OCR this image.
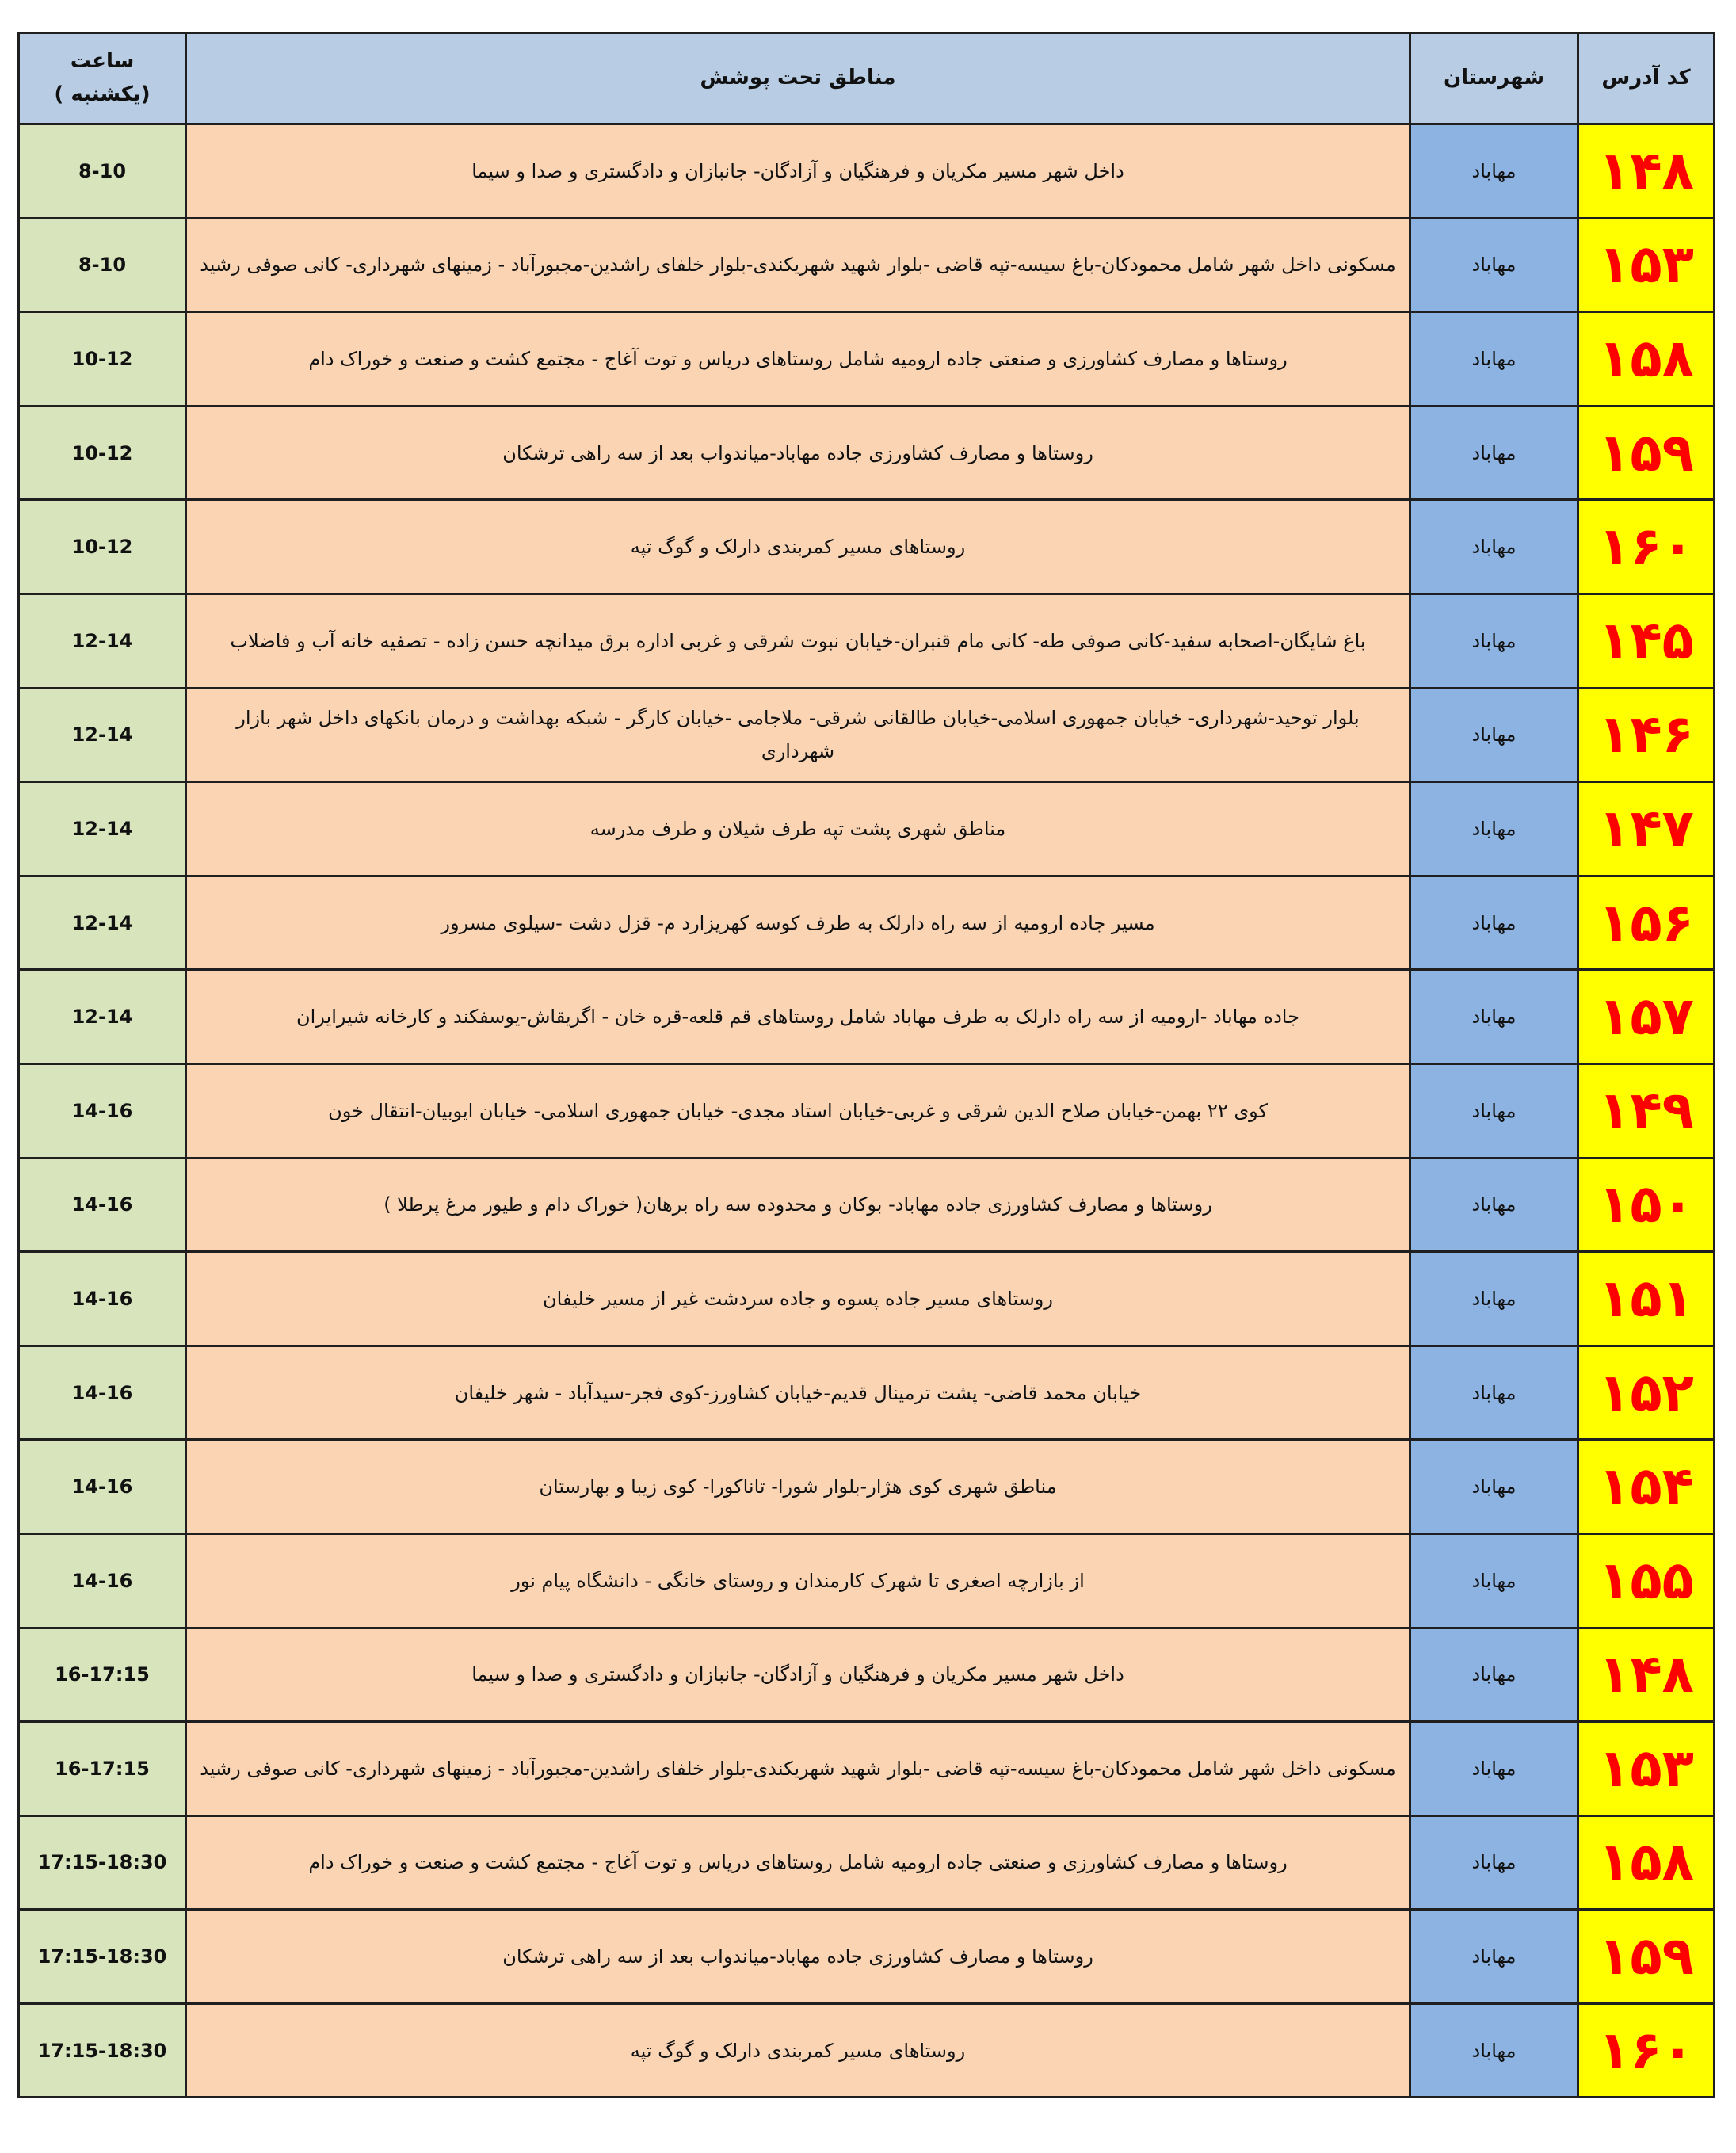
کد آدرس	شهرستان	مناطق تحت پوشش	ساعت
(یکشنبه )

۱۴۸	مهاباد	داخل شهر مسیر مکریان و فرهنگیان و آزادگان- جانبازان و دادگستری و صدا و سیما	8-10
۱۵۳	مهاباد	مسکونی داخل شهر شامل محمودکان-باغ سیسه-تپه قاضی -بلوار شهید شهریکندی-بلوار خلفای راشدین-مجبورآباد - زمینهای شهرداری- کانی صوفی رشید	8-10
۱۵۸	مهاباد	روستاها و مصارف کشاورزی و صنعتی جاده ارومیه شامل روستاهای دریاس و توت آغاج - مجتمع کشت و صنعت و خوراک دام	10-12
۱۵۹	مهاباد	روستاها و مصارف کشاورزی جاده مهاباد-میاندواب بعد از سه راهی ترشکان	10-12
۱۶۰	مهاباد	روستاهای مسیر کمربندی دارلک و گوگ تپه	10-12
۱۴۵	مهاباد	باغ شایگان-اصحابه سفید-کانی صوفی طه- کانی مام قنبران-خیابان نبوت شرقی و غربی اداره برق میدانچه حسن زاده - تصفیه خانه آب و فاضلاب	12-14
۱۴۶	مهاباد	بلوار توحید-شهرداری- خیابان جمهوری اسلامی-خیابان طالقانی شرقی- ملاجامی -خیابان کارگر - شبکه بهداشت و درمان بانکهای داخل شهر بازار شهرداری	12-14
۱۴۷	مهاباد	مناطق شهری پشت تپه طرف شیلان و طرف مدرسه	12-14
۱۵۶	مهاباد	مسیر جاده ارومیه از سه راه دارلک به طرف کوسه کهریزارد م- قزل دشت -سیلوی مسرور	12-14
۱۵۷	مهاباد	جاده مهاباد -ارومیه از سه راه دارلک به طرف مهاباد شامل روستاهای قم قلعه-قره خان - اگریقاش-یوسفکند و کارخانه شیرایران	12-14
۱۴۹	مهاباد	کوی ۲۲ بهمن-خیابان صلاح الدین شرقی و غربی-خیابان استاد مجدی- خیابان جمهوری اسلامی- خیابان ایوبیان-انتقال خون	14-16
۱۵۰	مهاباد	روستاها و مصارف کشاورزی جاده مهاباد- بوکان و محدوده سه راه برهان( خوراک دام و طیور مرغ پرطلا )	14-16
۱۵۱	مهاباد	روستاهای مسیر جاده پسوه و جاده سردشت غیر از مسیر خلیفان	14-16
۱۵۲	مهاباد	خیابان محمد قاضی- پشت ترمینال قدیم-خیابان کشاورز-کوی فجر-سیدآباد - شهر خلیفان	14-16
۱۵۴	مهاباد	مناطق شهری کوی هژار-بلوار شورا- تاناکورا- کوی زیبا و بهارستان	14-16
۱۵۵	مهاباد	از بازارچه اصغری تا شهرک کارمندان و روستای خانگی - دانشگاه پیام نور	14-16
۱۴۸	مهاباد	داخل شهر مسیر مکریان و فرهنگیان و آزادگان- جانبازان و دادگستری و صدا و سیما	16-17:15
۱۵۳	مهاباد	مسکونی داخل شهر شامل محمودکان-باغ سیسه-تپه قاضی -بلوار شهید شهریکندی-بلوار خلفای راشدین-مجبورآباد - زمینهای شهرداری- کانی صوفی رشید	16-17:15
۱۵۸	مهاباد	روستاها و مصارف کشاورزی و صنعتی جاده ارومیه شامل روستاهای دریاس و توت آغاج - مجتمع کشت و صنعت و خوراک دام	17:15-18:30
۱۵۹	مهاباد	روستاها و مصارف کشاورزی جاده مهاباد-میاندواب بعد از سه راهی ترشکان	17:15-18:30
۱۶۰	مهاباد	روستاهای مسیر کمربندی دارلک و گوگ تپه	17:15-18:30
